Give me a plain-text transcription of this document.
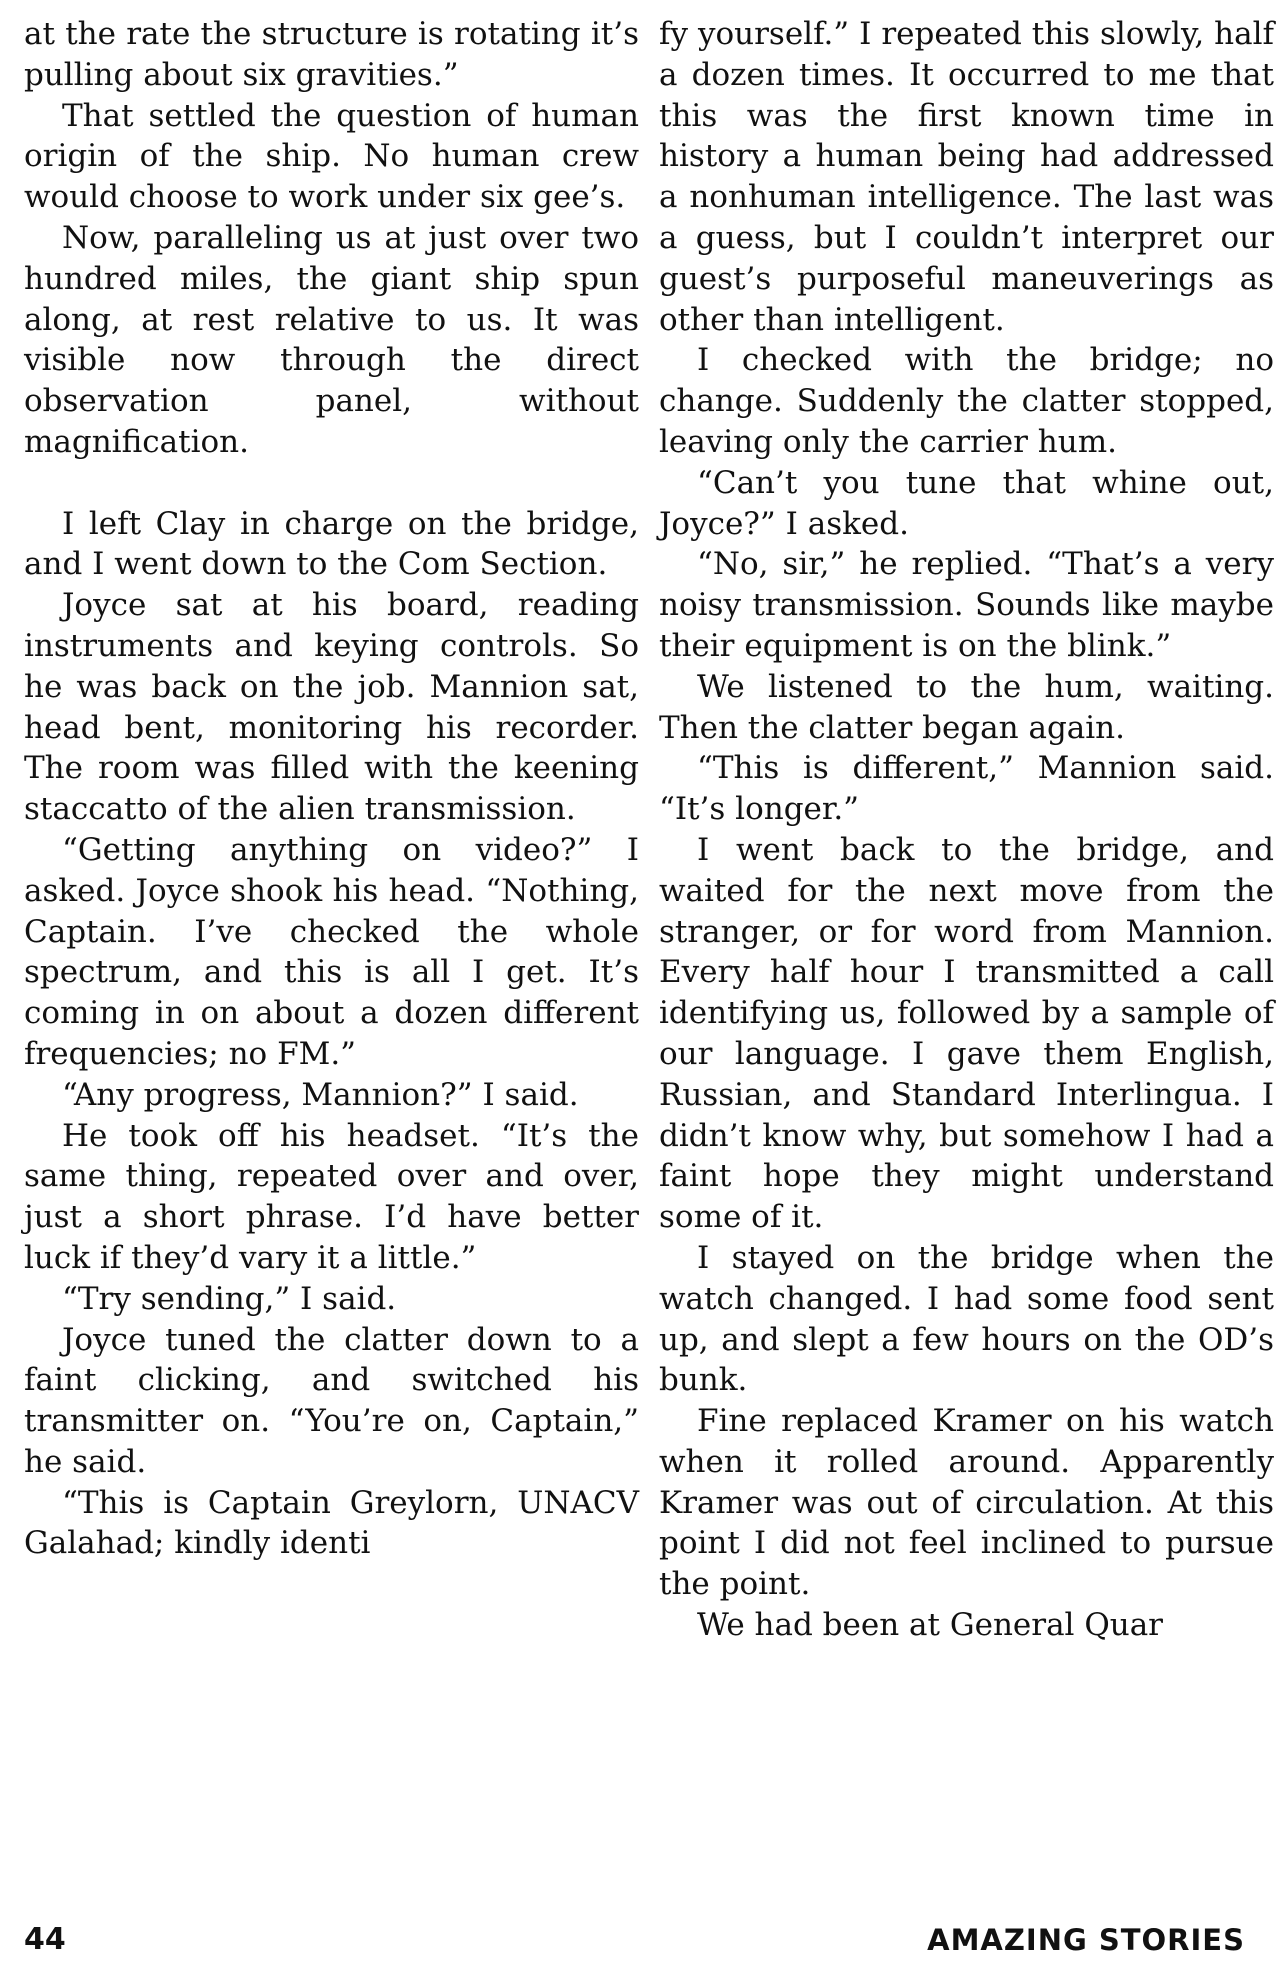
at the rate the structure is rotating it’s pulling about six gravities.”

That settled the question of human origin of the ship. No human crew would choose to work under six gee’s.

Now, paralleling us at just over two hundred miles, the giant ship spun along, at rest relative to us. It was visible now through the direct observation panel, without magnification.

I left Clay in charge on the bridge, and I went down to the Com Section.

Joyce sat at his board, reading instruments and keying controls. So he was back on the job. Mannion sat, head bent, monitoring his recorder. The room was filled with the keening staccatto of the alien transmission.

“Getting anything on video?” I asked. Joyce shook his head. “Nothing, Captain. I’ve checked the whole spectrum, and this is all I get. It’s coming in on about a dozen different frequencies; no FM.”

“Any progress, Mannion?” I said.

He took off his headset. “It’s the same thing, repeated over and over, just a short phrase. I’d have better luck if they’d vary it a little.”

“Try sending,” I said.

Joyce tuned the clatter down to a faint clicking, and switched his transmitter on. “You’re on, Captain,” he said.

“This is Captain Greylorn, UNACV Galahad; kindly identi

fy yourself.” I repeated this slowly, half a dozen times. It occurred to me that this was the first known time in history a human being had addressed a nonhuman intelligence. The last was a guess, but I couldn’t interpret our guest’s purposeful maneuverings as other than intelligent.

I checked with the bridge; no change. Suddenly the clatter stopped, leaving only the carrier hum.

“Can’t you tune that whine out, Joyce?” I asked.

“No, sir,” he replied. “That’s a very noisy transmission. Sounds like maybe their equipment is on the blink.”

We listened to the hum, waiting. Then the clatter began again.

“This is different,” Mannion said. “It’s longer.”

I went back to the bridge, and waited for the next move from the stranger, or for word from Mannion. Every half hour I transmitted a call identifying us, followed by a sample of our language. I gave them English, Russian, and Standard Interlingua. I didn’t know why, but somehow I had a faint hope they might understand some of it.

I stayed on the bridge when the watch changed. I had some food sent up, and slept a few hours on the OD’s bunk.

Fine replaced Kramer on his watch when it rolled around. Apparently Kramer was out of circulation. At this point I did not feel inclined to pursue the point.

We had been at General Quar

44	AMAZING STORIES
